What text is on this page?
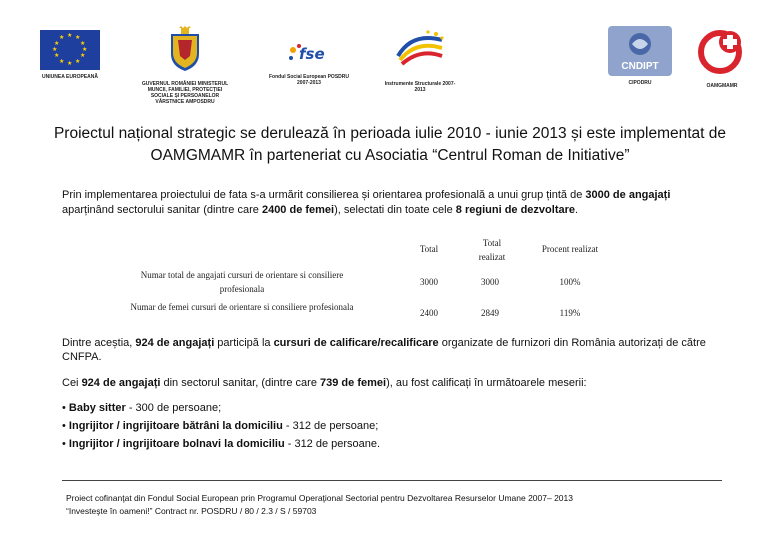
★ ★
★
★
★
★
★
★
★
★
★
★
UNIUNEA EUROPEANĂ
GUVERNUL ROMÂNIEI MINISTERUL MUNCII, FAMILIEI, PROTECȚIEI SOCIALE ȘI PERSOANELOR VÂRSTNICE AMPOSDRU
fse
Fondul Social European POSDRU 2007-2013	Instrumente Structurale 2007-2013
CNDIPT
CIPODRU	OAMGMAMR
Proiectul național strategic se derulează în perioada iulie 2010 - iunie 2013 și este implementat de OAMGMAMR în parteneriat cu Asociatia “Centrul Roman de Initiative”
Prin implementarea proiectului de fata s-a urmărit consilierea și orientarea profesională a unui grup țintă de 3000 de angajați aparținând sectorului sanitar (dintre care 2400 de femei), selectati din toate cele 8 regiuni de dezvoltare.
Total
Total realizat
Procent realizat
Numar total de angajati cursuri de orientare si consiliere profesionala
3000	3000	100%
Numar de femei cursuri de orientare si consiliere profesionala
2400	2849	119%
Dintre aceștia, 924 de angajați participă la cursuri de calificare/recalificare organizate de furnizori din România autorizați de către CNFPA.
Cei 924 de angajați din sectorul sanitar, (dintre care 739 de femei), au fost calificați în următoarele meserii:
• Baby sitter - 300 de persoane;
• Ingrijitor / ingrijitoare bătrâni la domiciliu - 312 de persoane;
• Ingrijitor / ingrijitoare bolnavi la domiciliu - 312 de persoane.
Proiect cofinanţat din Fondul Social European prin Programul Operaţional Sectorial pentru Dezvoltarea Resurselor Umane 2007– 2013
“Investeşte în oameni!” Contract nr. POSDRU / 80 / 2.3 / S / 59703
